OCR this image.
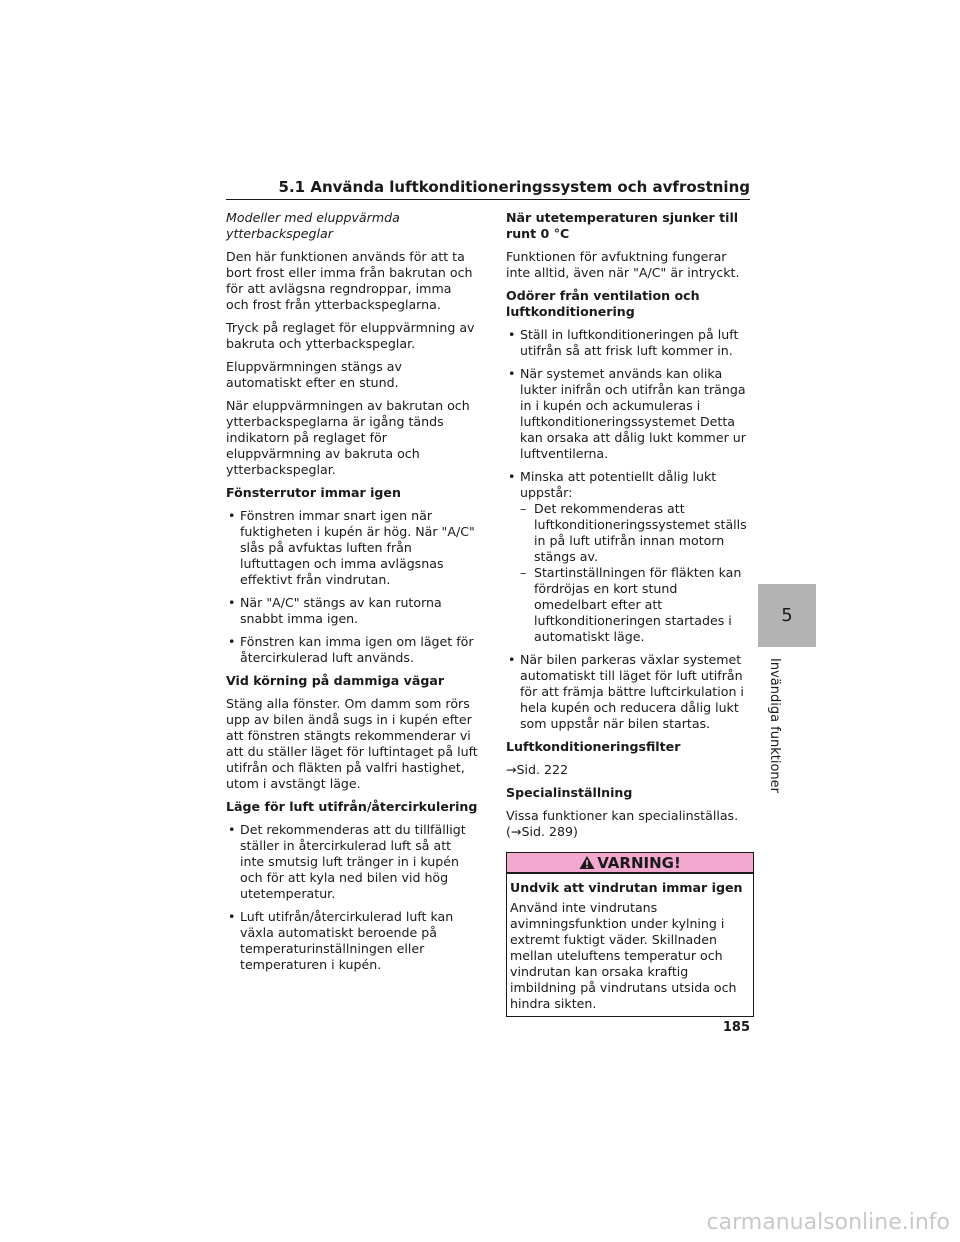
5.1 Använda luftkonditioneringssystem och avfrostning

Modeller med eluppvärmda ytterbackspeglar

Den här funktionen används för att ta bort frost eller imma från bakrutan och för att avlägsna regndroppar, imma och frost från ytterbackspeglarna.

Tryck på reglaget för eluppvärmning av bakruta och ytterbackspeglar.

Eluppvärmningen stängs av automatiskt efter en stund.

När eluppvärmningen av bakrutan och ytterbackspeglarna är igång tänds indikatorn på reglaget för eluppvärmning av bakruta och ytterbackspeglar.

Fönsterrutor immar igen

• Fönstren immar snart igen när fuktigheten i kupén är hög. När "A/C" slås på avfuktas luften från luftuttagen och imma avlägsnas effektivt från vindrutan.
• När "A/C" stängs av kan rutorna snabbt imma igen.
• Fönstren kan imma igen om läget för återcirkulerad luft används.

Vid körning på dammiga vägar

Stäng alla fönster. Om damm som rörs upp av bilen ändå sugs in i kupén efter att fönstren stängts rekommenderar vi att du ställer läget för luftintaget på luft utifrån och fläkten på valfri hastighet, utom i avstängt läge.

Läge för luft utifrån/återcirkulering

• Det rekommenderas att du tillfälligt ställer in återcirkulerad luft så att inte smutsig luft tränger in i kupén och för att kyla ned bilen vid hög utetemperatur.
• Luft utifrån/återcirkulerad luft kan växla automatiskt beroende på temperaturinställningen eller temperaturen i kupén.

När utetemperaturen sjunker till runt 0 °C

Funktionen för avfuktning fungerar inte alltid, även när "A/C" är intryckt.

Odörer från ventilation och luftkonditionering

• Ställ in luftkonditioneringen på luft utifrån så att frisk luft kommer in.
• När systemet används kan olika lukter inifrån och utifrån kan tränga in i kupén och ackumuleras i luftkonditioneringssystemet Detta kan orsaka att dålig lukt kommer ur luftventilerna.
• Minska att potentiellt dålig lukt uppstår:
– Det rekommenderas att luftkonditioneringssystemet ställs in på luft utifrån innan motorn stängs av.
– Startinställningen för fläkten kan fördröjas en kort stund omedelbart efter att luftkonditioneringen startades i automatiskt läge.
• När bilen parkeras växlar systemet automatiskt till läget för luft utifrån för att främja bättre luftcirkulation i hela kupén och reducera dålig lukt som uppstår när bilen startas.

Luftkonditioneringsfilter

→Sid. 222

Specialinställning

Vissa funktioner kan specialinställas. (→Sid. 289)

VARNING!

Undvik att vindrutan immar igen

Använd inte vindrutans avimningsfunktion under kylning i extremt fuktigt väder. Skillnaden mellan uteluftens temperatur och vindrutan kan orsaka kraftig imbildning på vindrutans utsida och hindra sikten.

5
Invändiga funktioner
185
carmanualsonline.info
